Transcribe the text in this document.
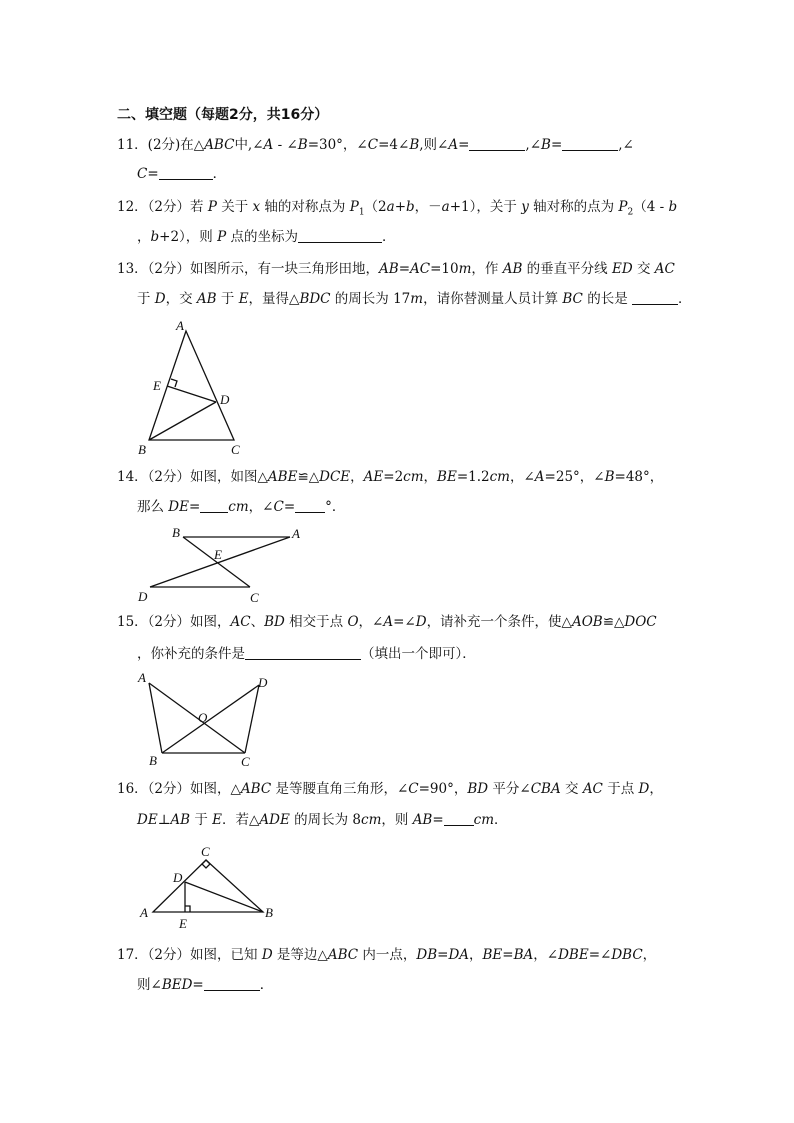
二、填空题（每题2分，共16分）
11．(2分)在△ABC中,∠A - ∠B=30°，∠C=4∠B,则∠A=	,∠B=	,∠
C=	．
12．（2分）若 P 关于 x 轴的对称点为 $P_1(2a+b$，－a+1），关于 y 轴对称的点为 $P_2(4$ - b
，b+2），则 P 点的坐标为	．
13．（2分）如图所示，有一块三角形田地，AB=AC=10m，作 AB 的垂直平分线 ED 交 AC
于 D，交 AB 于 E，量得△BDC 的周长为 17m，请你替测量人员计算 BC 的长是	．
A
E
D
B	C
14．（2分）如图，如图△ABE≌△DCE，AE=2cm，BE=1.2cm，∠A=25°，∠B=48°，
那么 DE= cm，∠C= °．
B	A
E
D	C
15．（2分）如图，AC、BD 相交于点 O，∠A=∠D，请补充一个条件，使△AOB≌△DOC
，你补充的条件是	（填出一个即可）．
A	D
O
B	C
16．（2分）如图，△ABC 是等腰直角三角形，∠C=90°，BD 平分∠CBA 交 AC 于点 D，
DE⊥AB 于 E．若△ADE 的周长为 8cm，则 AB= cm．
C
D
A
E
B
17．（2分）如图，已知 D 是等边△ABC 内一点，DB=DA，BE=BA，∠DBE=∠DBC，
则∠BED=	．
